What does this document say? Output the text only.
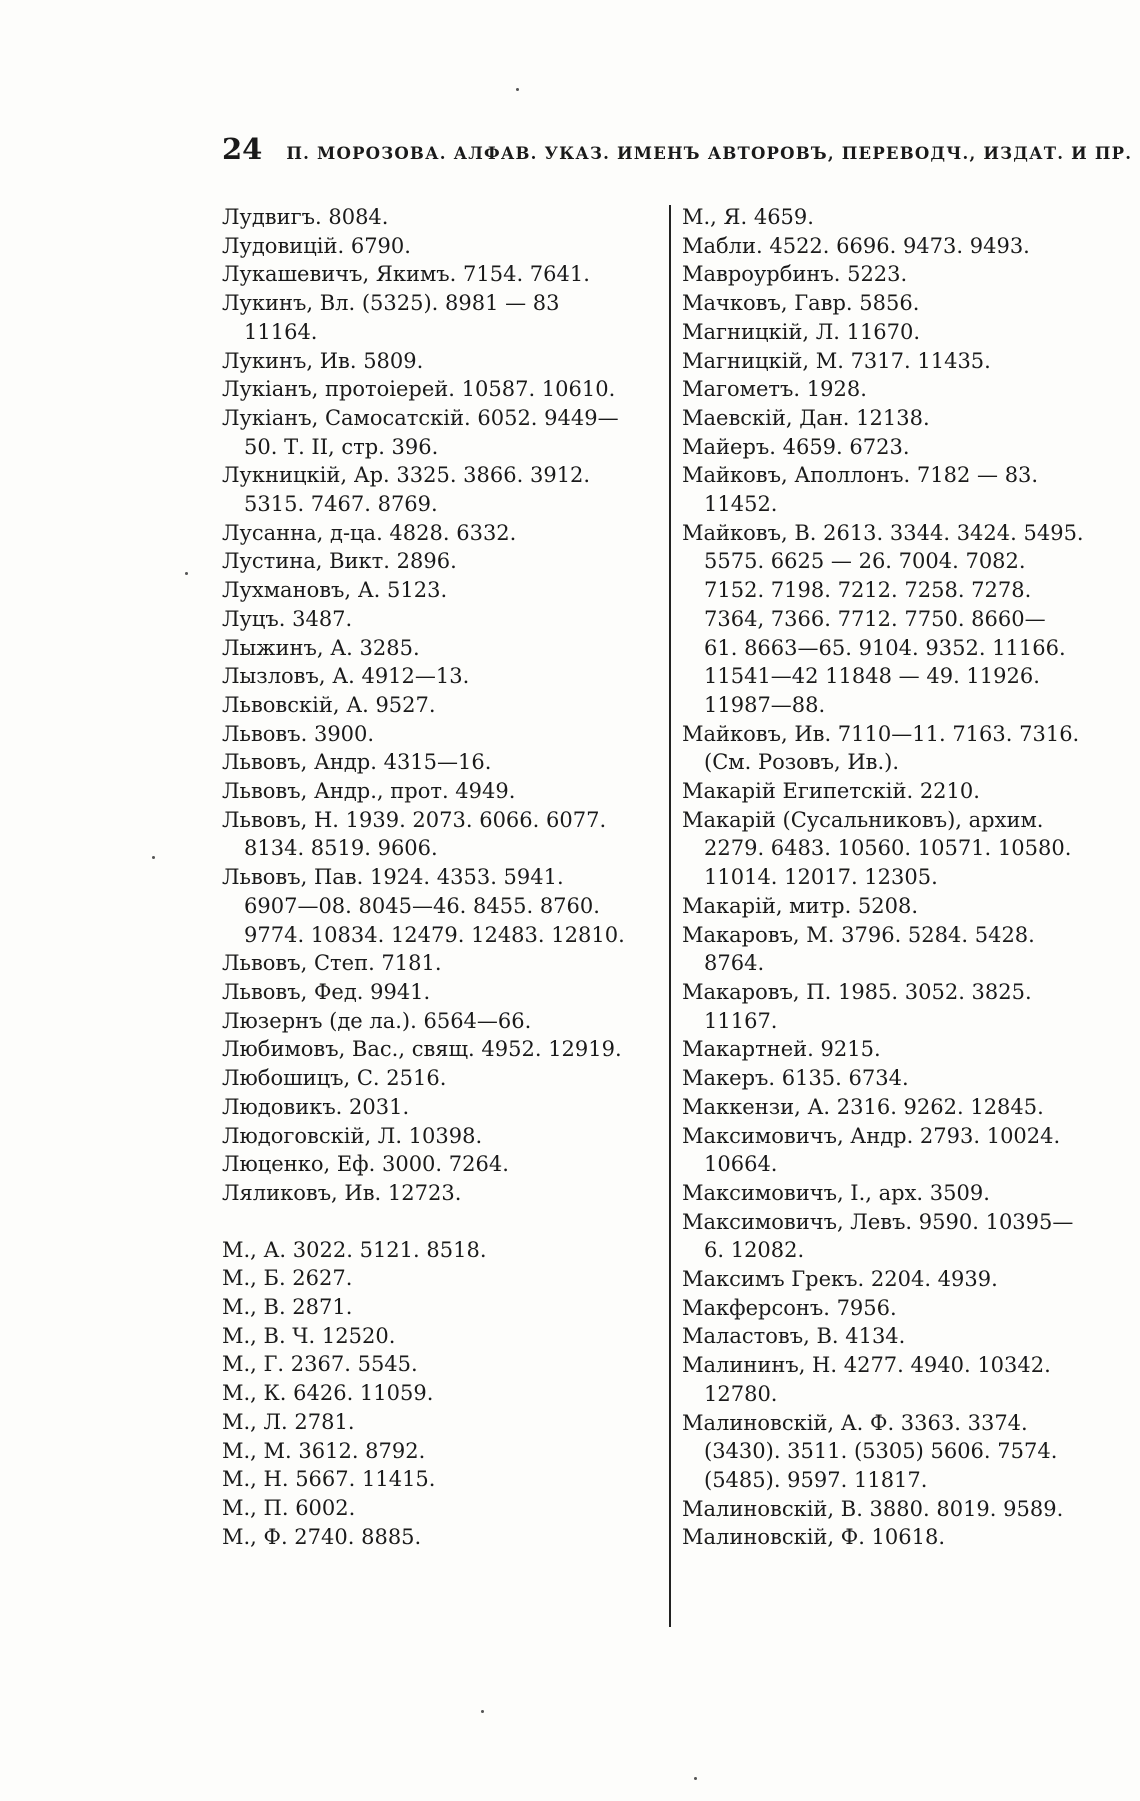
24 П. МОРОЗОВА. АЛФАВ. УКАЗ. ИМЕНЪ АВТОРОВЪ, ПЕРЕВОДЧ., ИЗДАТ. И ПР.
Лудвигъ. 8084.
Лудовицій. 6790.
Лукашевичъ, Якимъ. 7154. 7641.
Лукинъ, Вл. (5325). 8981 — 83
11164.
Лукинъ, Ив. 5809.
Лукіанъ, протоіерей. 10587. 10610.
Лукіанъ, Самосатскій. 6052. 9449—
50. Т. II, стр. 396.
Лукницкій, Ар. 3325. 3866. 3912.
5315. 7467. 8769.
Лусанна, д-ца. 4828. 6332.
Лустина, Викт. 2896.
Лухмановъ, А. 5123.
Луцъ. 3487.
Лыжинъ, А. 3285.
Лызловъ, А. 4912—13.
Львовскій, А. 9527.
Львовъ. 3900.
Львовъ, Андр. 4315—16.
Львовъ, Андр., прот. 4949.
Львовъ, Н. 1939. 2073. 6066. 6077.
8134. 8519. 9606.
Львовъ, Пав. 1924. 4353. 5941.
6907—08. 8045—46. 8455. 8760.
9774. 10834. 12479. 12483. 12810.
Львовъ, Степ. 7181.
Львовъ, Фед. 9941.
Люзернъ (де ла.). 6564—66.
Любимовъ, Вас., свящ. 4952. 12919.
Любошицъ, С. 2516.
Людовикъ. 2031.
Людоговскій, Л. 10398.
Люценко, Еф. 3000. 7264.
Ляликовъ, Ив. 12723.
М., А. 3022. 5121. 8518.
М., Б. 2627.
М., В. 2871.
М., В. Ч. 12520.
М., Г. 2367. 5545.
М., К. 6426. 11059.
М., Л. 2781.
М., М. 3612. 8792.
М., Н. 5667. 11415.
М., П. 6002.
М., Ф. 2740. 8885.
М., Я. 4659.
Мабли. 4522. 6696. 9473. 9493.
Мавроурбинъ. 5223.
Мачковъ, Гавр. 5856.
Магницкій, Л. 11670.
Магницкій, М. 7317. 11435.
Магометъ. 1928.
Маевскій, Дан. 12138.
Майеръ. 4659. 6723.
Майковъ, Аполлонъ. 7182 — 83.
11452.
Майковъ, В. 2613. 3344. 3424. 5495.
5575. 6625 — 26. 7004. 7082.
7152. 7198. 7212. 7258. 7278.
7364, 7366. 7712. 7750. 8660—
61. 8663—65. 9104. 9352. 11166.
11541—42 11848 — 49. 11926.
11987—88.
Майковъ, Ив. 7110—11. 7163. 7316.
(См. Розовъ, Ив.).
Макарій Египетскій. 2210.
Макарій (Сусальниковъ), архим.
2279. 6483. 10560. 10571. 10580.
11014. 12017. 12305.
Макарій, митр. 5208.
Макаровъ, М. 3796. 5284. 5428.
8764.
Макаровъ, П. 1985. 3052. 3825.
11167.
Макартней. 9215.
Макеръ. 6135. 6734.
Маккензи, А. 2316. 9262. 12845.
Максимовичъ, Андр. 2793. 10024.
10664.
Максимовичъ, І., арх. 3509.
Максимовичъ, Левъ. 9590. 10395—
6. 12082.
Максимъ Грекъ. 2204. 4939.
Макферсонъ. 7956.
Маластовъ, В. 4134.
Малининъ, Н. 4277. 4940. 10342.
12780.
Малиновскій, А. Ф. 3363. 3374.
(3430). 3511. (5305) 5606. 7574.
(5485). 9597. 11817.
Малиновскій, В. 3880. 8019. 9589.
Малиновскій, Ф. 10618.
